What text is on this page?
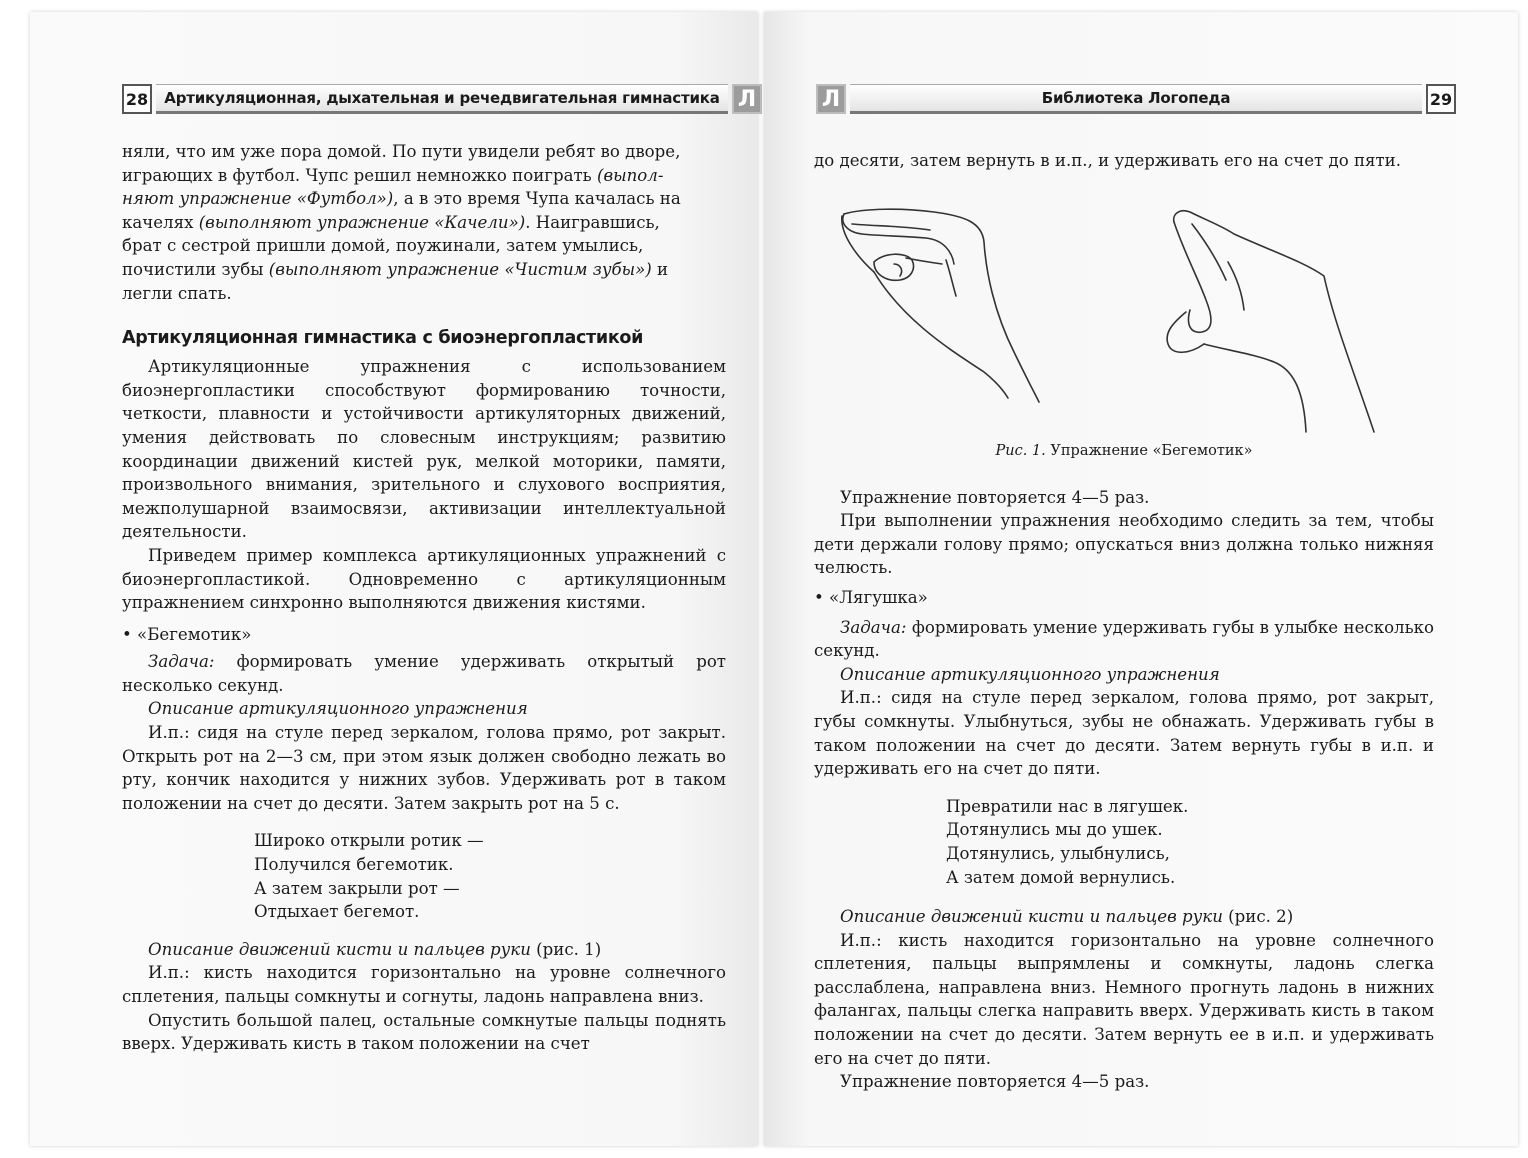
28	Артикуляционная, дыхательная и речедвигательная гимнастика Л

няли, что им уже пора домой. По пути увидели ребят во дворе,

играющих в футбол. Чупс решил немножко поиграть (выпол-

няют упражнение «Футбол»), а в это время Чупа качалась на

качелях (выполняют упражнение «Качели»). Наигравшись,

брат с сестрой пришли домой, поужинали, затем умылись,

почистили зубы (выполняют упражнение «Чистим зубы») и

легли спать.

Артикуляционная гимнастика с биоэнергопластикой

Артикуляционные упражнения с использованием биоэнергопластики способствуют формированию точности, четкости, плавности и устойчивости артикуляторных движений, умения действовать по словесным инструкциям; развитию координации движений кистей рук, мелкой моторики, памяти, произвольного внимания, зрительного и слухового восприятия, межполушарной взаимосвязи, активизации интеллектуальной деятельности.

Приведем пример комплекса артикуляционных упражнений с биоэнергопластикой. Одновременно с артикуляционным упражнением синхронно выполняются движения кистями.

• «Бегемотик»

Задача: формировать умение удерживать открытый рот несколько секунд.

Описание артикуляционного упражнения

И.п.: сидя на стуле перед зеркалом, голова прямо, рот закрыт. Открыть рот на 2—3 см, при этом язык должен свободно лежать во рту, кончик находится у нижних зубов. Удерживать рот в таком положении на счет до десяти. Затем закрыть рот на 5 с.

Широко открыли ротик —
Получился бегемотик.
А затем закрыли рот —
Отдыхает бегемот.

Описание движений кисти и пальцев руки (рис. 1)

И.п.: кисть находится горизонтально на уровне солнечного сплетения, пальцы сомкнуты и согнуты, ладонь направлена вниз.

Опустить большой палец, остальные сомкнутые пальцы поднять вверх. Удерживать кисть в таком положении на счет

Л	Библиотека Логопеда	29

до десяти, затем вернуть в и.п., и удерживать его на счет до пяти.

Рис. 1. Упражнение «Бегемотик»

Упражнение повторяется 4—5 раз.

При выполнении упражнения необходимо следить за тем, чтобы дети держали голову прямо; опускаться вниз должна только нижняя челюсть.

• «Лягушка»

Задача: формировать умение удерживать губы в улыбке несколько секунд.

Описание артикуляционного упражнения

И.п.: сидя на стуле перед зеркалом, голова прямо, рот закрыт, губы сомкнуты. Улыбнуться, зубы не обнажать. Удерживать губы в таком положении на счет до десяти. Затем вернуть губы в и.п. и удерживать его на счет до пяти.

Превратили нас в лягушек.
Дотянулись мы до ушек.
Дотянулись, улыбнулись,
А затем домой вернулись.

Описание движений кисти и пальцев руки (рис. 2)

И.п.: кисть находится горизонтально на уровне солнечного сплетения, пальцы выпрямлены и сомкнуты, ладонь слегка расслаблена, направлена вниз. Немного прогнуть ладонь в нижних фалангах, пальцы слегка направить вверх. Удерживать кисть в таком положении на счет до десяти. Затем вернуть ее в и.п. и удерживать его на счет до пяти.

Упражнение повторяется 4—5 раз.
